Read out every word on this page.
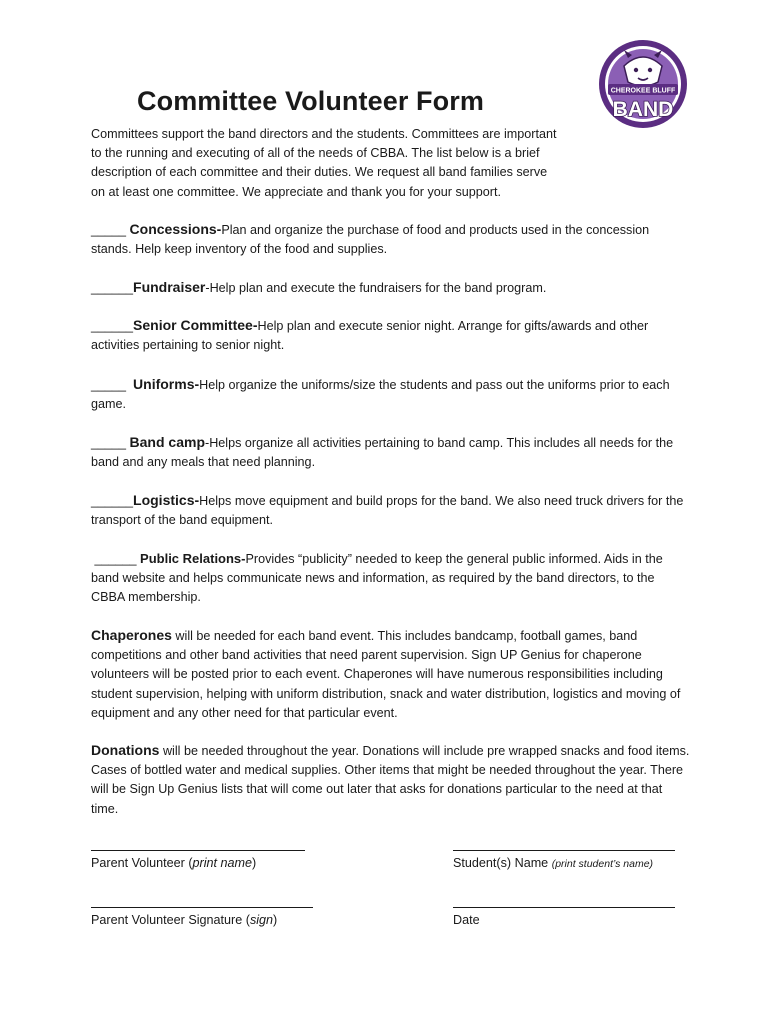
CHEROKEE BLUFF
BAND
Committee Volunteer Form

Committees support the band directors and the students. Committees are important to the running and executing of all of the needs of CBBA. The list below is a brief description of each committee and their duties. We request all band families serve on at least one committee. We appreciate and thank you for your support.

_____ Concessions-Plan and organize the purchase of food and products used in the concession stands. Help keep inventory of the food and supplies.

______Fundraiser-Help plan and execute the fundraisers for the band program.

______Senior Committee-Help plan and execute senior night. Arrange for gifts/awards and other activities pertaining to senior night.

_____ Uniforms-Help organize the uniforms/size the students and pass out the uniforms prior to each game.

_____ Band camp-Helps organize all activities pertaining to band camp. This includes all needs for the band and any meals that need planning.

______Logistics-Helps move equipment and build props for the band. We also need truck drivers for the transport of the band equipment.

______ Public Relations-Provides “publicity” needed to keep the general public informed. Aids in the band website and helps communicate news and information, as required by the band directors, to the CBBA membership.

Chaperones will be needed for each band event. This includes bandcamp, football games, band competitions and other band activities that need parent supervision. Sign UP Genius for chaperone volunteers will be posted prior to each event. Chaperones will have numerous responsibilities including student supervision, helping with uniform distribution, snack and water distribution, logistics and moving of equipment and any other need for that particular event.

Donations will be needed throughout the year. Donations will include pre wrapped snacks and food items. Cases of bottled water and medical supplies. Other items that might be needed throughout the year. There will be Sign Up Genius lists that will come out later that asks for donations particular to the need at that time.

Parent Volunteer (print name)	Student(s) Name (print student’s name)

Parent Volunteer Signature (sign)	Date
